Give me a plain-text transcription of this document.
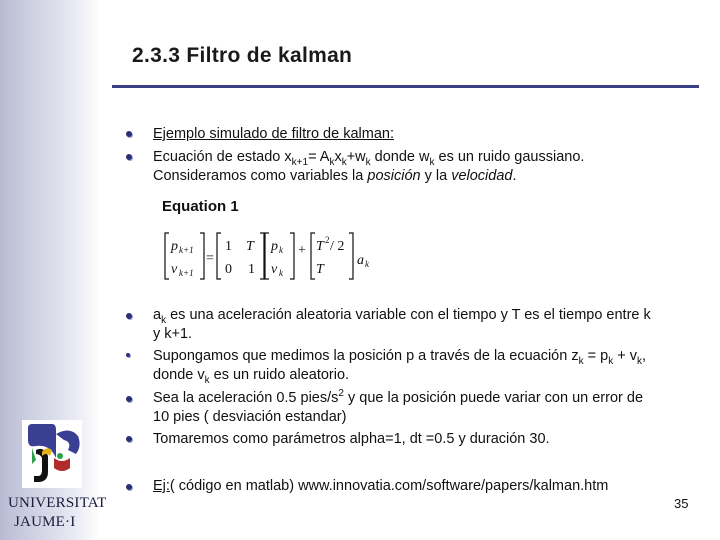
2.3.3 Filtro de kalman
Ejemplo simulado de filtro de kalman:
Ecuación de estado $x_{k+1}= A_kx_k+w_k$ donde $w_k$ es un ruido gaussiano.
Consideramos como variables la posición y la velocidad.
Equation 1
p k+1
v k+1
=
1 T
0 1
p k
v k
+ T 2 / 2
T
a k
$a_k$ es una aceleración aleatoria variable con el tiempo y T es el tiempo entre k
y k+1.
Supongamos que medimos la posición p a través de la ecuación $z_k = p_k + v_k$,
donde $v_k$ es un ruido aleatorio.
Sea la aceleración 0.5 pies/$s^2$ y que la posición puede variar con un error de
10 pies ( desviación estandar)
Tomaremos como parámetros alpha=1, dt =0.5 y duración 30.
Ej:( código en matlab) www.innovatia.com/software/papers/kalman.htm
35
UNIVERSITAT
JAUME·I
